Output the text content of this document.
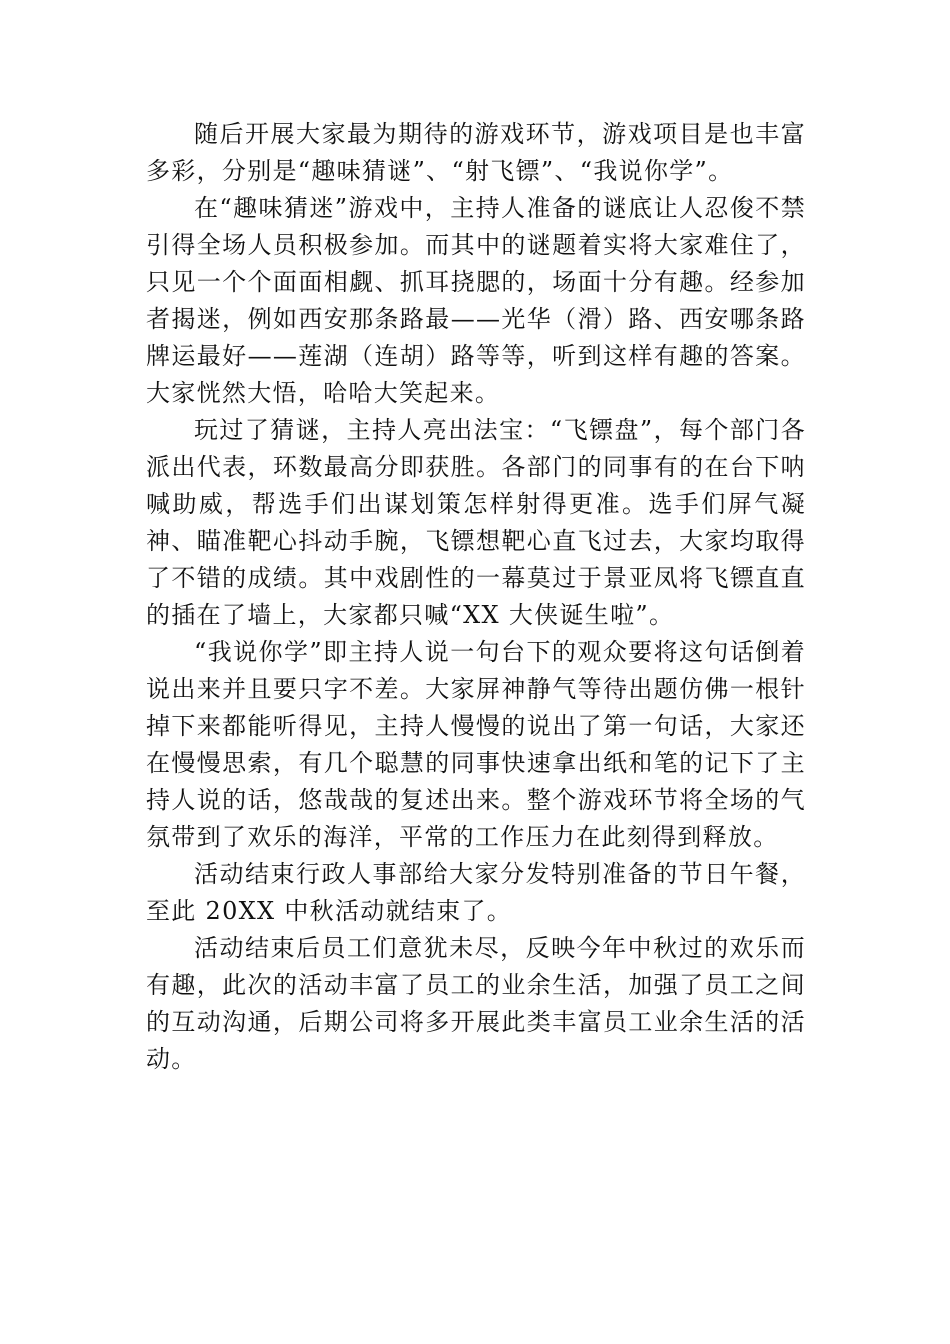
随后开展大家最为期待的游戏环节，游戏项目是也丰富多彩，分别是“趣味猜谜”、“射飞镖”、“我说你学”。

在“趣味猜迷”游戏中，主持人准备的谜底让人忍俊不禁引得全场人员积极参加。而其中的谜题着实将大家难住了，只见一个个面面相觑、抓耳挠腮的，场面十分有趣。经参加者揭迷，例如西安那条路最——光华（滑）路、西安哪条路牌运最好——莲湖（连胡）路等等，听到这样有趣的答案。大家恍然大悟，哈哈大笑起来。

玩过了猜谜，主持人亮出法宝：“飞镖盘”，每个部门各派出代表，环数最高分即获胜。各部门的同事有的在台下呐喊助威，帮选手们出谋划策怎样射得更准。选手们屏气凝神、瞄准靶心抖动手腕，飞镖想靶心直飞过去，大家均取得了不错的成绩。其中戏剧性的一幕莫过于景亚凤将飞镖直直的插在了墙上，大家都只喊“XX 大侠诞生啦”。

“我说你学”即主持人说一句台下的观众要将这句话倒着说出来并且要只字不差。大家屏神静气等待出题仿佛一根针掉下来都能听得见，主持人慢慢的说出了第一句话，大家还在慢慢思索，有几个聪慧的同事快速拿出纸和笔的记下了主持人说的话，悠哉哉的复述出来。整个游戏环节将全场的气氛带到了欢乐的海洋，平常的工作压力在此刻得到释放。

活动结束行政人事部给大家分发特别准备的节日午餐，至此 20XX 中秋活动就结束了。

活动结束后员工们意犹未尽，反映今年中秋过的欢乐而有趣，此次的活动丰富了员工的业余生活，加强了员工之间的互动沟通，后期公司将多开展此类丰富员工业余生活的活动。
